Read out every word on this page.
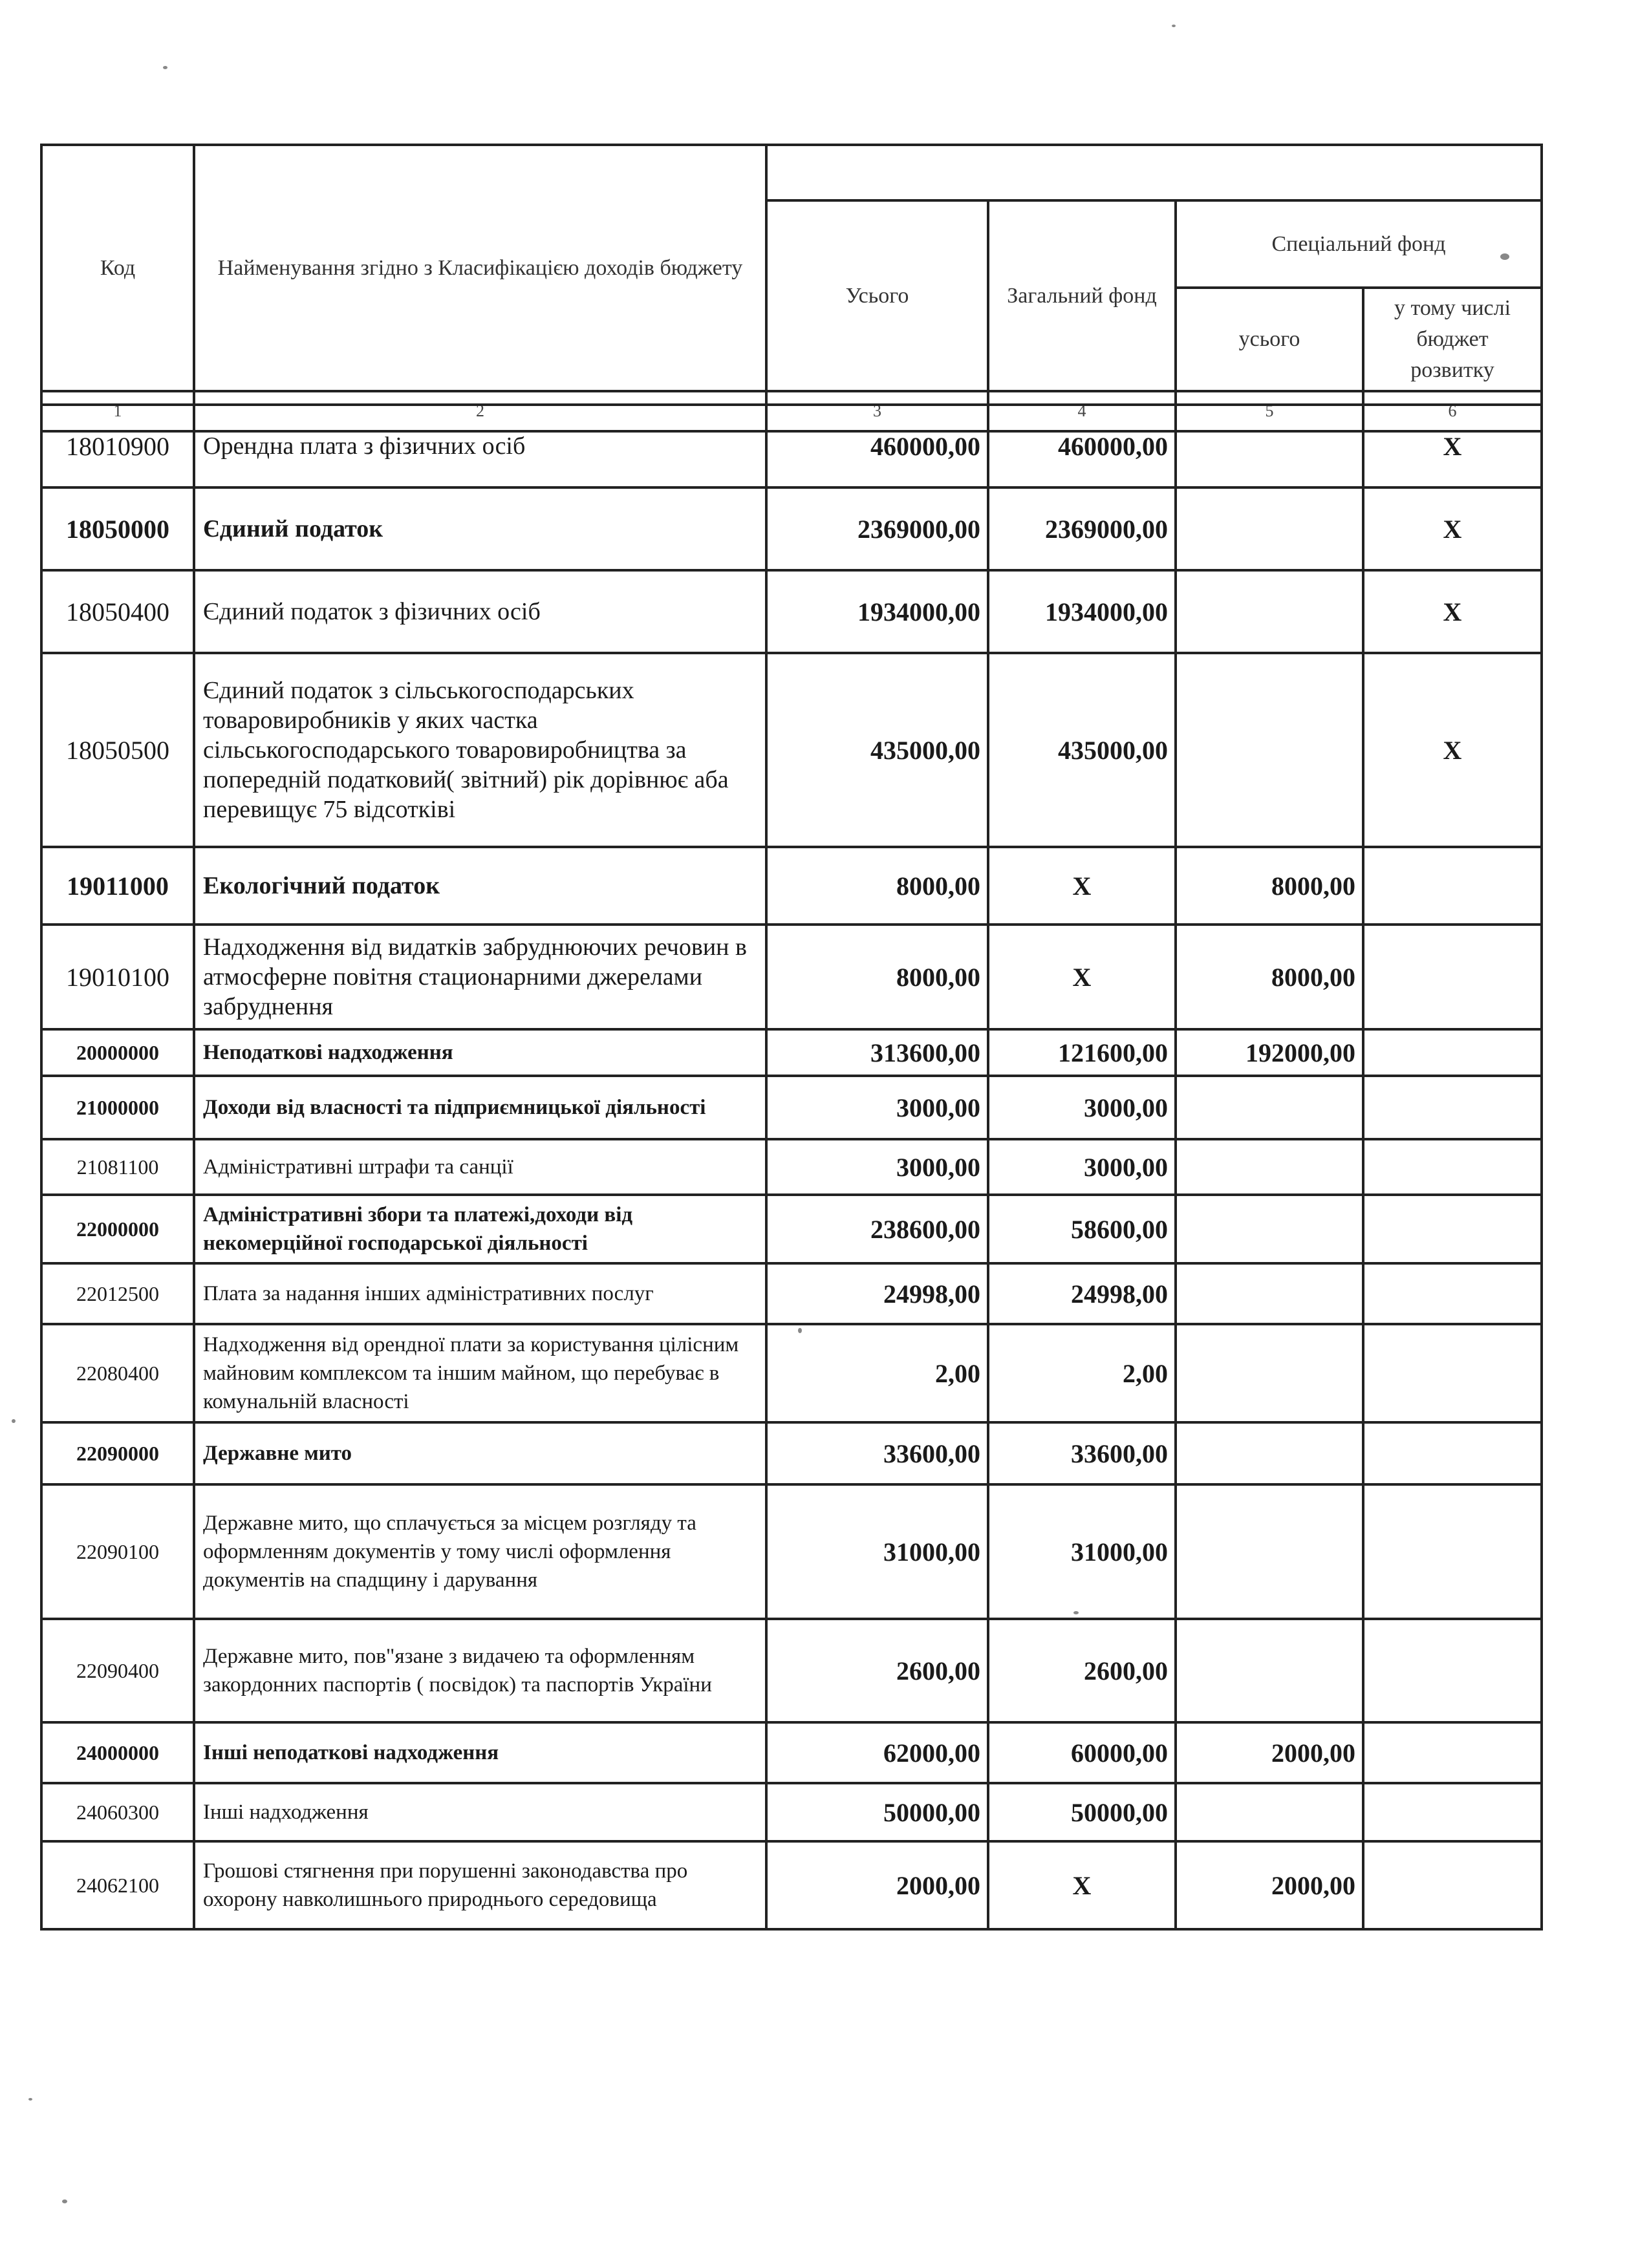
Код	Найменування згідно з Класифікацією доходів бюджету				
		Усього	Загальний фонд	Спеціальний фонд	
				усього	у тому числі бюджет розвитку
1	2	3	4	5	6
18010900	Орендна плата з фізичних осіб	460000,00	460000,00		X
18050000	Єдиний податок	2369000,00	2369000,00		X
18050400	Єдиний податок з фізичних осіб	1934000,00	1934000,00		X
18050500	Єдиний податок з сільськогосподарських товаровиробників у яких частка сільськогосподарського товаровиробництва за попередній податковий( звітний) рік дорівнює аба перевищує 75 відсотківі	435000,00	435000,00		X
19011000	Екологічний податок	8000,00	X	8000,00	
19010100	Надходження від видатків забруднюючих речовин в атмосферне повітня стационарними джерелами забруднення	8000,00	X	8000,00	
20000000	Неподаткові надходження	313600,00	121600,00	192000,00	
21000000	Доходи від власності та підприємницької діяльності	3000,00	3000,00		
21081100	Адміністративні штрафи та санції	3000,00	3000,00		
22000000	Адміністративні збори та платежі,доходи від некомерційної господарської діяльності	238600,00	58600,00		
22012500	Плата за надання інших адміністративних послуг	24998,00	24998,00		
22080400	Надходження від орендної плати за користування цілісним майновим комплексом та іншим майном, що перебуває в комунальній власності	2,00	2,00		
22090000	Державне мито	33600,00	33600,00		
22090100	Державне мито, що сплачується за місцем розгляду та оформленням документів у тому числі оформлення документів на спадщину і дарування	31000,00	31000,00		
22090400	Державне мито, пов"язане з видачею та оформленням закордонних паспортів ( посвідок) та паспортів України	2600,00	2600,00		
24000000	Інші неподаткові надходження	62000,00	60000,00	2000,00	
24060300	Інші надходження	50000,00	50000,00		
24062100	Грошові стягнення при порушенні законодавства про охорону навколишнього природнього середовища	2000,00	X	2000,00	
